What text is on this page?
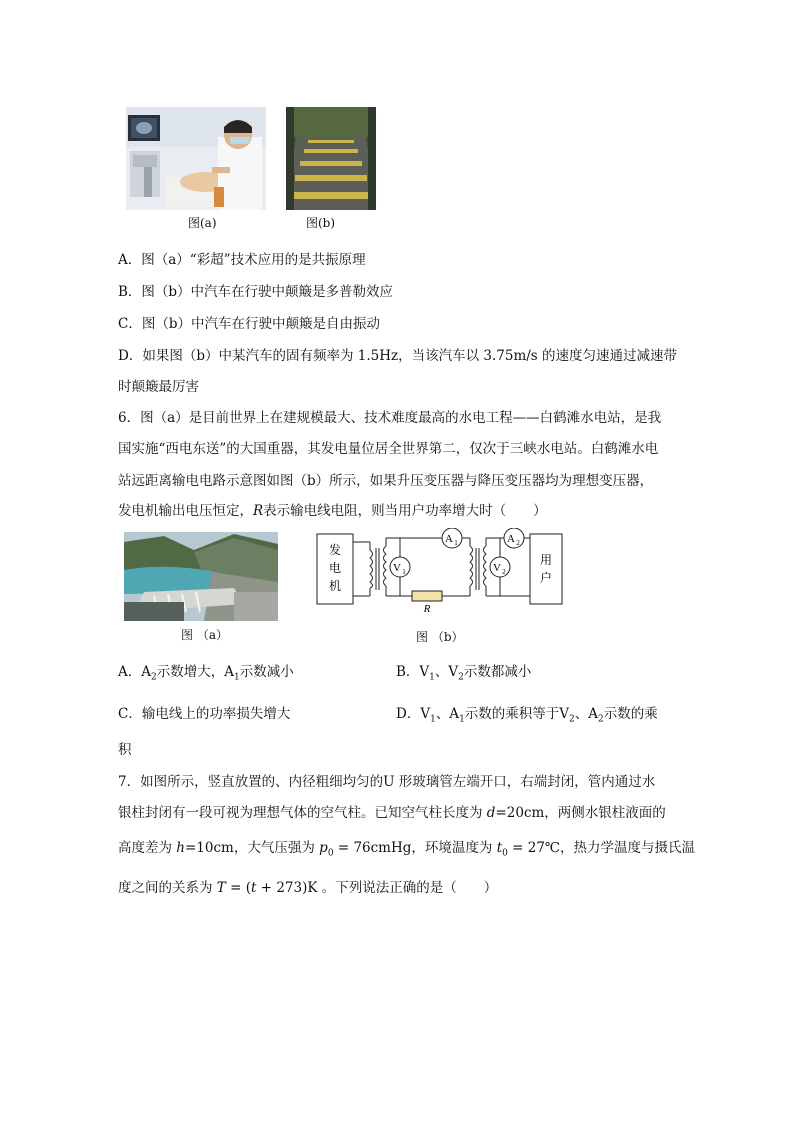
图(a)	图(b)
A．图（a）“彩超”技术应用的是共振原理
B．图（b）中汽车在行驶中颠簸是多普勒效应
C．图（b）中汽车在行驶中颠簸是自由振动
D．如果图（b）中某汽车的固有频率为 1.5Hz，当该汽车以 3.75m/s 的速度匀速通过减速带
时颠簸最厉害
6．图（a）是目前世界上在建规模最大、技术难度最高的水电工程——白鹤滩水电站，是我
国实施“西电东送”的大国重器，其发电量位居全世界第二，仅次于三峡水电站。白鹤滩水电
站远距离输电电路示意图如图（b）所示，如果升压变压器与降压变压器均为理想变压器，
发电机输出电压恒定，R表示输电线电阻，则当用户功率增大时（　　）
发
电
机
A 1
R
V 1
A 2
V 2
用
户
图 （a）	图 （b）
A．$A_2$示数增大，$A_1$示数减小	B．$V_1$、$V_2$示数都减小
C．输电线上的功率损失增大	D．$V_1$、$A_1$示数的乘积等于$V_2$、$A_2$示数的乘
积
7．如图所示，竖直放置的、内径粗细均匀的U 形玻璃管左端开口，右端封闭，管内通过水
银柱封闭有一段可视为理想气体的空气柱。已知空气柱长度为 d=20cm，两侧水银柱液面的
高度差为 h=10cm，大气压强为 $p_0$ = 76cmHg，环境温度为 $t_0$ = 27℃，热力学温度与摄氏温
度之间的关系为 T = (t + 273)K 。下列说法正确的是（　　）
